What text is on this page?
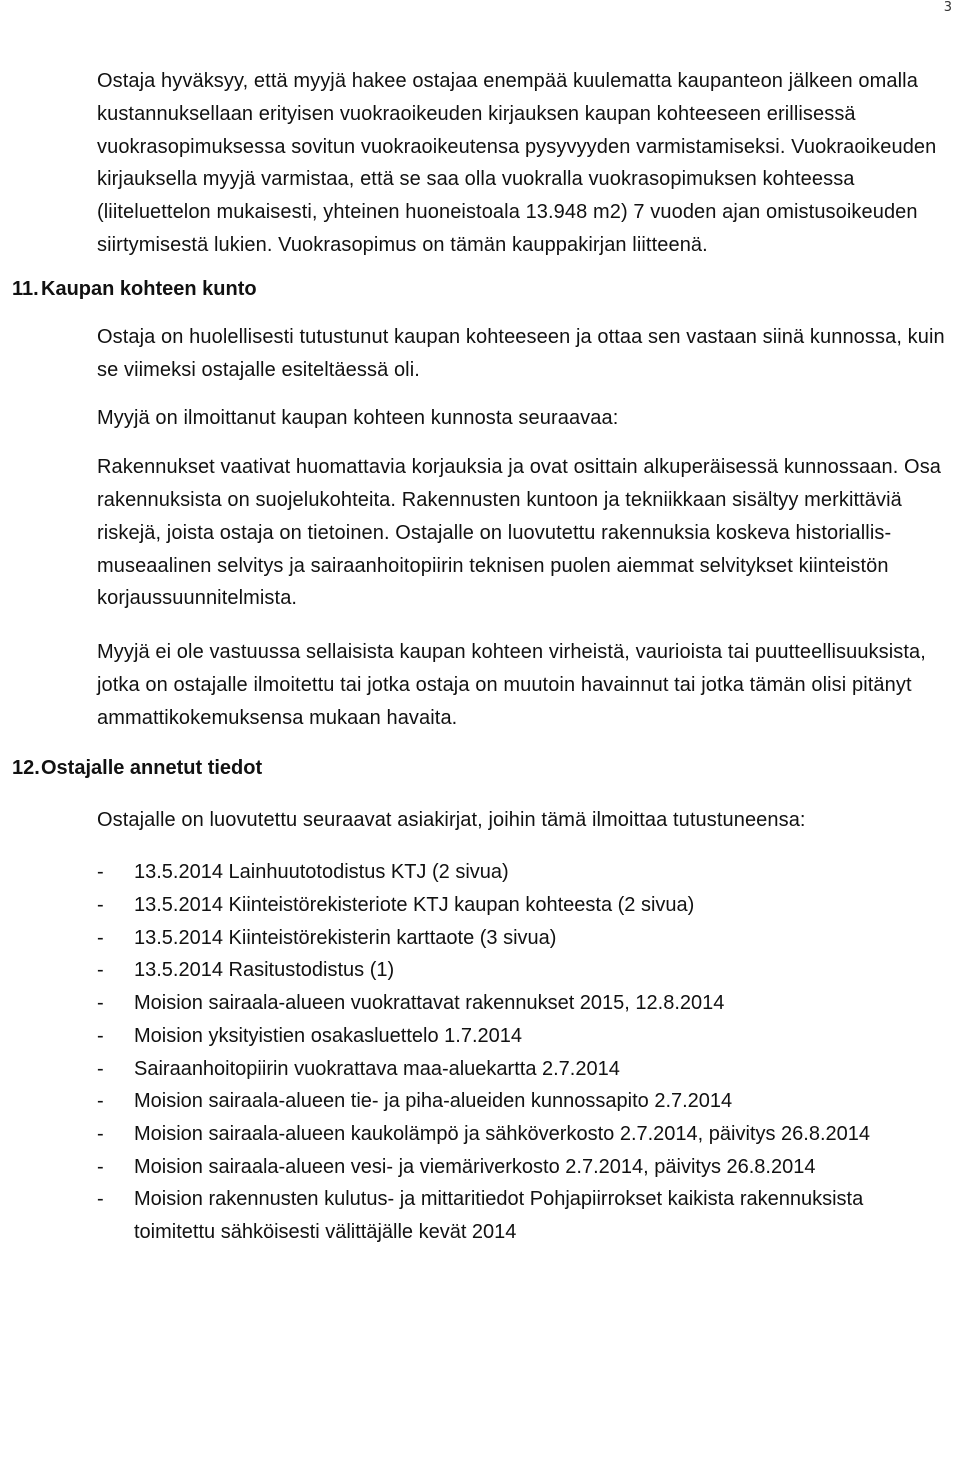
3

Ostaja hyväksyy, että myyjä hakee ostajaa enempää kuulematta kaupanteon jälkeen omalla kustannuksellaan erityisen vuokraoikeuden kirjauksen kaupan kohteeseen erillisessä vuokrasopimuksessa sovitun vuokraoikeutensa pysyvyyden varmistamiseksi. Vuokraoikeuden kirjauksella myyjä varmistaa, että se saa olla vuokralla vuokrasopimuksen kohteessa (liiteluettelon mukaisesti, yhteinen huoneistoala 13.948 m2) 7 vuoden ajan omistusoikeuden siirtymisestä lukien. Vuokrasopimus on tämän kauppakirjan liitteenä.

11. Kaupan kohteen kunto

Ostaja on huolellisesti tutustunut kaupan kohteeseen ja ottaa sen vastaan siinä kunnossa, kuin se viimeksi ostajalle esiteltäessä oli.

Myyjä on ilmoittanut kaupan kohteen kunnosta seuraavaa:

Rakennukset vaativat huomattavia korjauksia ja ovat osittain alkuperäisessä kunnossaan. Osa rakennuksista on suojelukohteita. Rakennusten kuntoon ja tekniikkaan sisältyy merkittäviä riskejä, joista ostaja on tietoinen. Ostajalle on luovutettu rakennuksia koskeva historiallis-museaalinen selvitys ja sairaanhoitopiirin teknisen puolen aiemmat selvitykset kiinteistön korjaussuunnitelmista.

Myyjä ei ole vastuussa sellaisista kaupan kohteen virheistä, vaurioista tai puutteellisuuksista, jotka on ostajalle ilmoitettu tai jotka ostaja on muutoin havainnut tai jotka tämän olisi pitänyt ammattikokemuksensa mukaan havaita.

12. Ostajalle annetut tiedot

Ostajalle on luovutettu seuraavat asiakirjat, joihin tämä ilmoittaa tutustuneensa:

- 13.5.2014 Lainhuutotodistus KTJ (2 sivua)
- 13.5.2014 Kiinteistörekisteriote KTJ kaupan kohteesta (2 sivua)
- 13.5.2014 Kiinteistörekisterin karttaote (3 sivua)
- 13.5.2014 Rasitustodistus (1)
- Moision sairaala-alueen vuokrattavat rakennukset 2015, 12.8.2014
- Moision yksityistien osakasluettelo 1.7.2014
- Sairaanhoitopiirin vuokrattava maa-aluekartta 2.7.2014
- Moision sairaala-alueen tie- ja piha-alueiden kunnossapito 2.7.2014
- Moision sairaala-alueen kaukolämpö ja sähköverkosto 2.7.2014, päivitys 26.8.2014
- Moision sairaala-alueen vesi- ja viemäriverkosto 2.7.2014, päivitys 26.8.2014
- Moision rakennusten kulutus- ja mittaritiedot Pohjapiirrokset kaikista rakennuksista toimitettu sähköisesti välittäjälle kevät 2014
